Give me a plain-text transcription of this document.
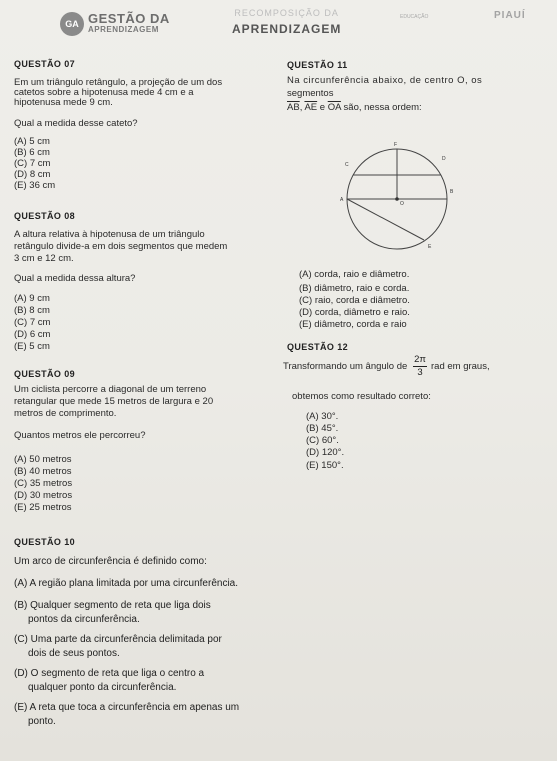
GA GESTÃO DA
APRENDIZAGEM
RECOMPOSIÇÃO DA
APRENDIZAGEM
EDUCAÇÃO	PIAUÍ
QUESTÃO 07
Em um triângulo retângulo, a projeção de um dos
catetos sobre a hipotenusa mede 4 cm e a
hipotenusa mede 9 cm.
Qual a medida desse cateto?
(A) 5 cm
(B) 6 cm
(C) 7 cm
(D) 8 cm
(E) 36 cm
QUESTÃO 08
A altura relativa à hipotenusa de um triângulo
retângulo divide-a em dois segmentos que medem
3 cm e 12 cm.
Qual a medida dessa altura?
(A) 9 cm
(B) 8 cm
(C) 7 cm
(D) 6 cm
(E) 5 cm
QUESTÃO 09
Um ciclista percorre a diagonal de um terreno
retangular que mede 15 metros de largura e 20
metros de comprimento.
Quantos metros ele percorreu?
(A) 50 metros
(B) 40 metros
(C) 35 metros
(D) 30 metros
(E) 25 metros
QUESTÃO 10
Um arco de circunferência é definido como:
(A) A região plana limitada por uma circunferência.
(B) Qualquer segmento de reta que liga dois
pontos da circunferência.
(C) Uma parte da circunferência delimitada por
dois de seus pontos.
(D) O segmento de reta que liga o centro a
qualquer ponto da circunferência.
(E) A reta que toca a circunferência em apenas um
ponto.
QUESTÃO 11
Na circunferência abaixo, de centro O, os
segmentos
$\overline{AB}$, $\overline{AE}$ e $\overline{OA}$ são, nessa ordem:
F
C
D
A
O
B
E
(A) corda, raio e diâmetro.
(B) diâmetro, raio e corda.
(C) raio, corda e diâmetro.
(D) corda, diâmetro e raio.
(E) diâmetro, corda e raio
QUESTÃO 12
Transformando um ângulo de $\frac{2\pi}{3}$ rad em graus,
obtemos como resultado correto:
(A) 30°.
(B) 45°.
(C) 60°.
(D) 120°.
(E) 150°.
